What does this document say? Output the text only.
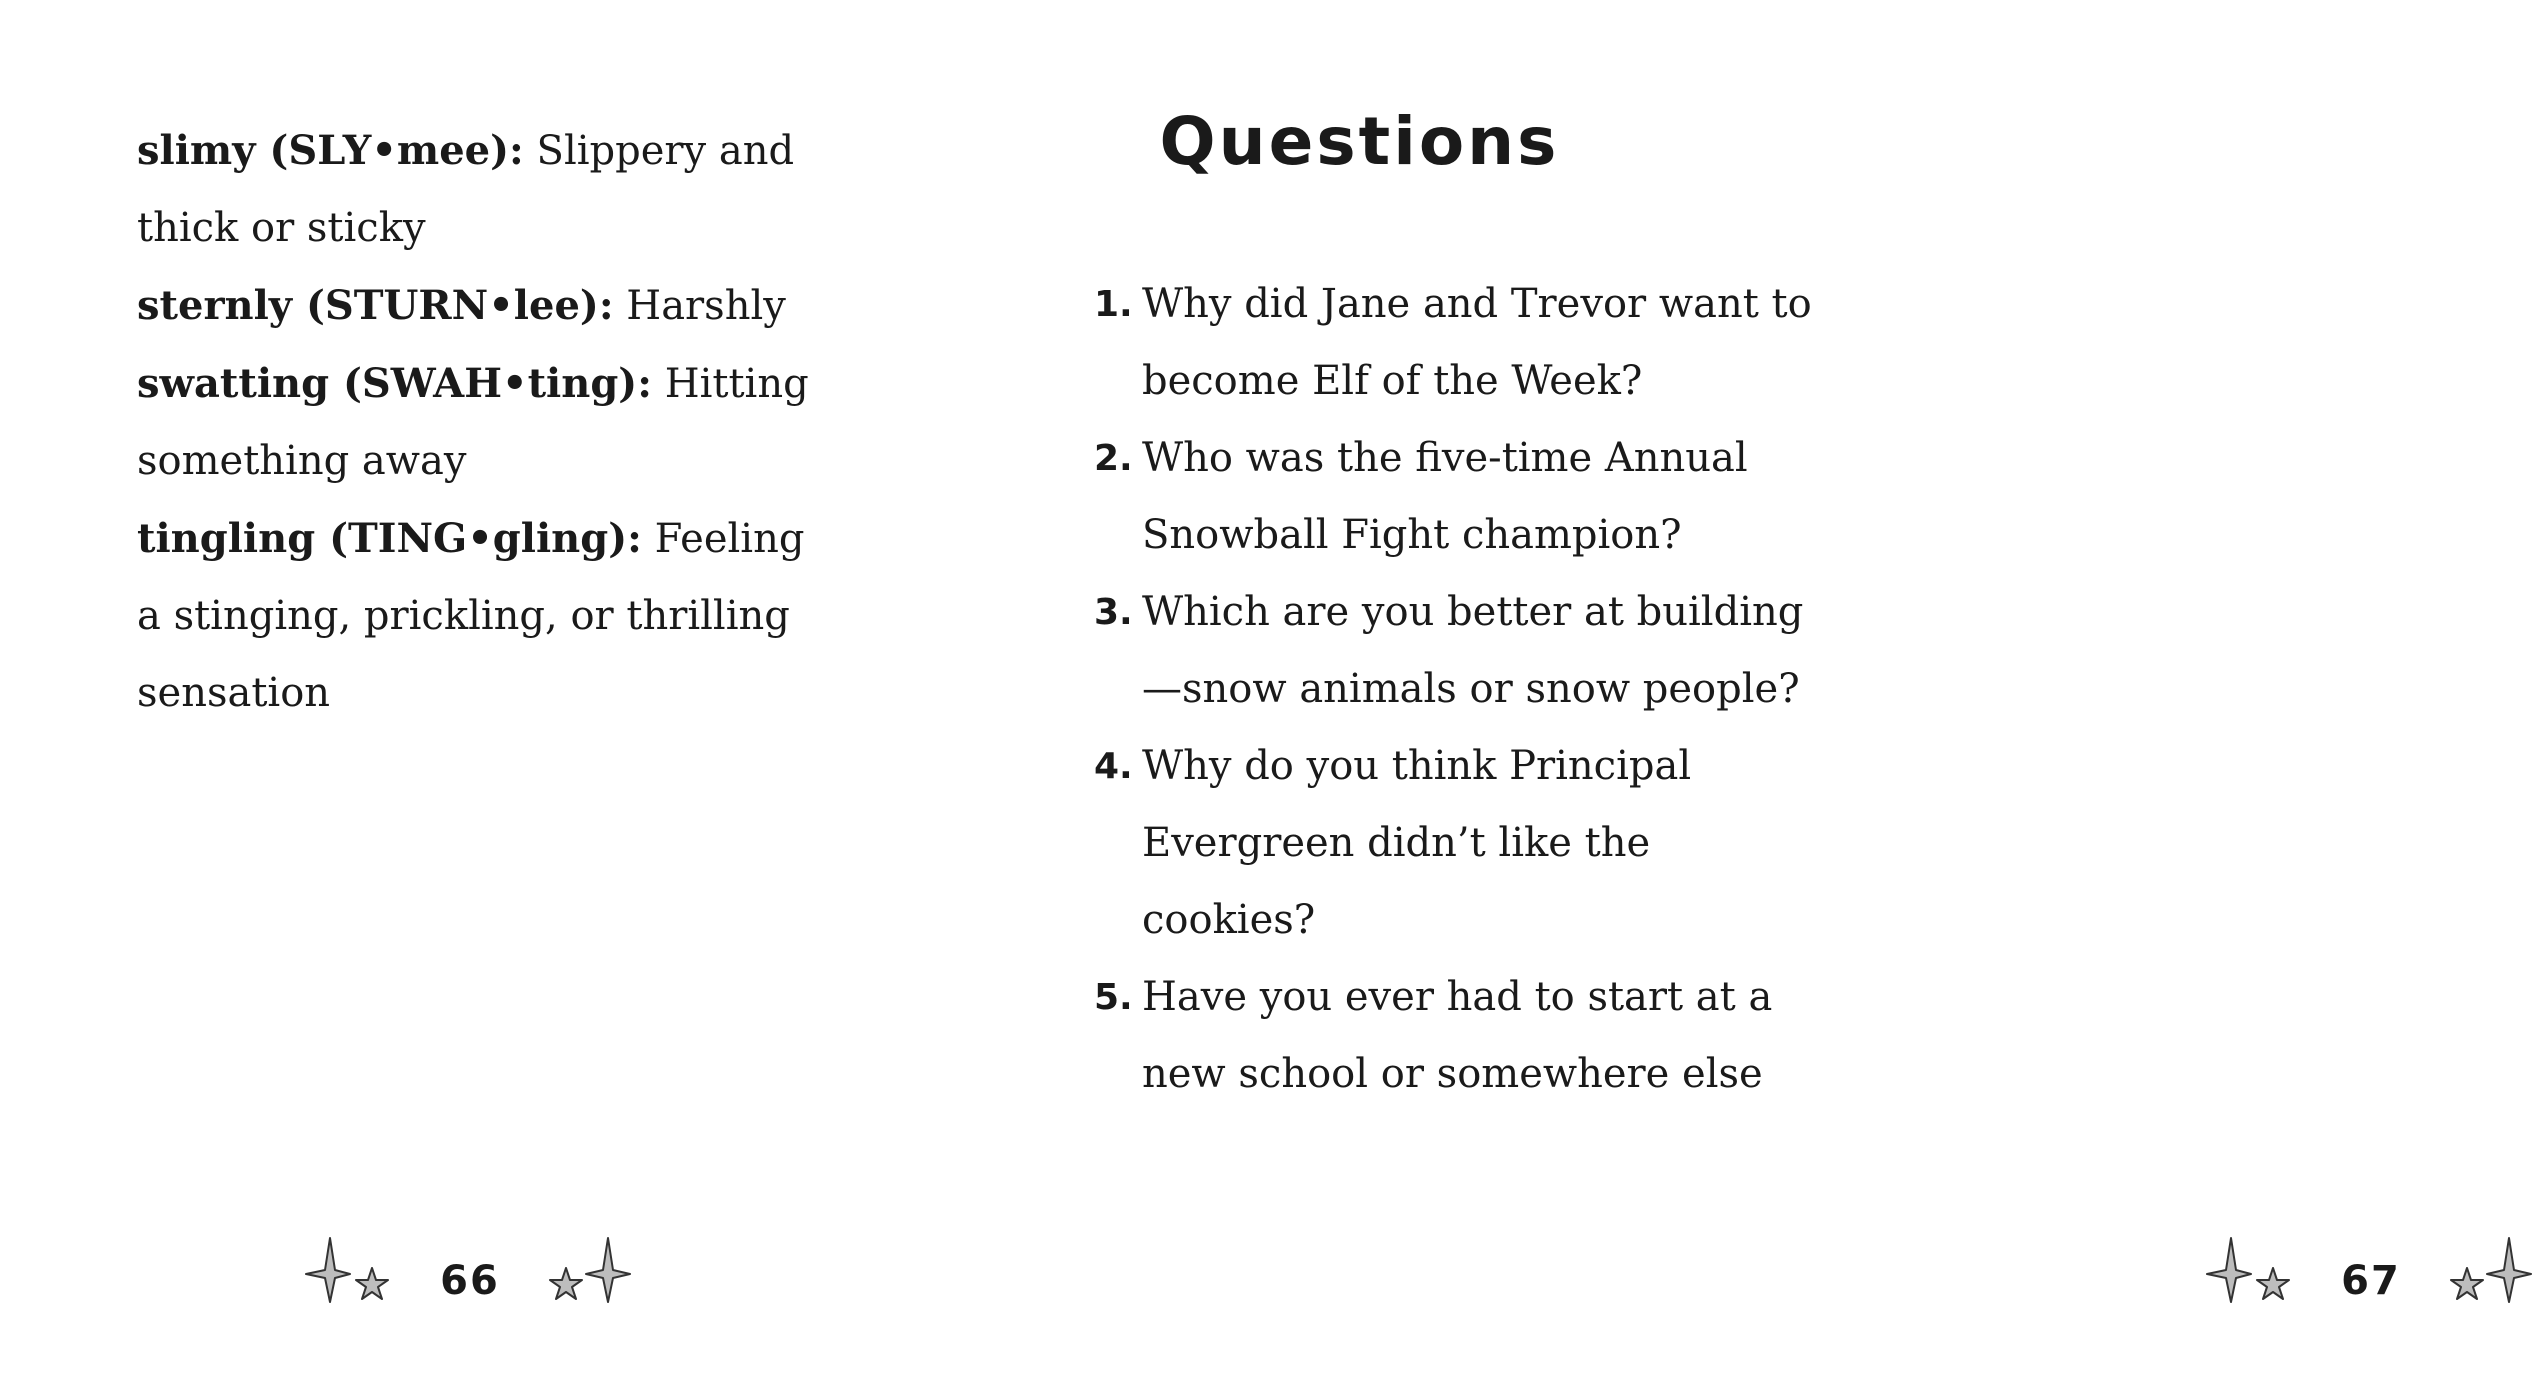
slimy (SLY•mee): Slippery and thick or sticky

sternly (STURN•lee): Harshly

swatting (SWAH•ting): Hitting something away

tingling (TING•gling): Feeling a stinging, prickling, or thrilling sensation

66
Questions
1. Why did Jane and Trevor want to become Elf of the Week?
2. Who was the five-time Annual Snowball Fight champion?
3. Which are you better at building—snow animals or snow people?
4. Why do you think Principal Evergreen didn’t like the cookies?
5. Have you ever had to start at a new school or somewhere else
67
